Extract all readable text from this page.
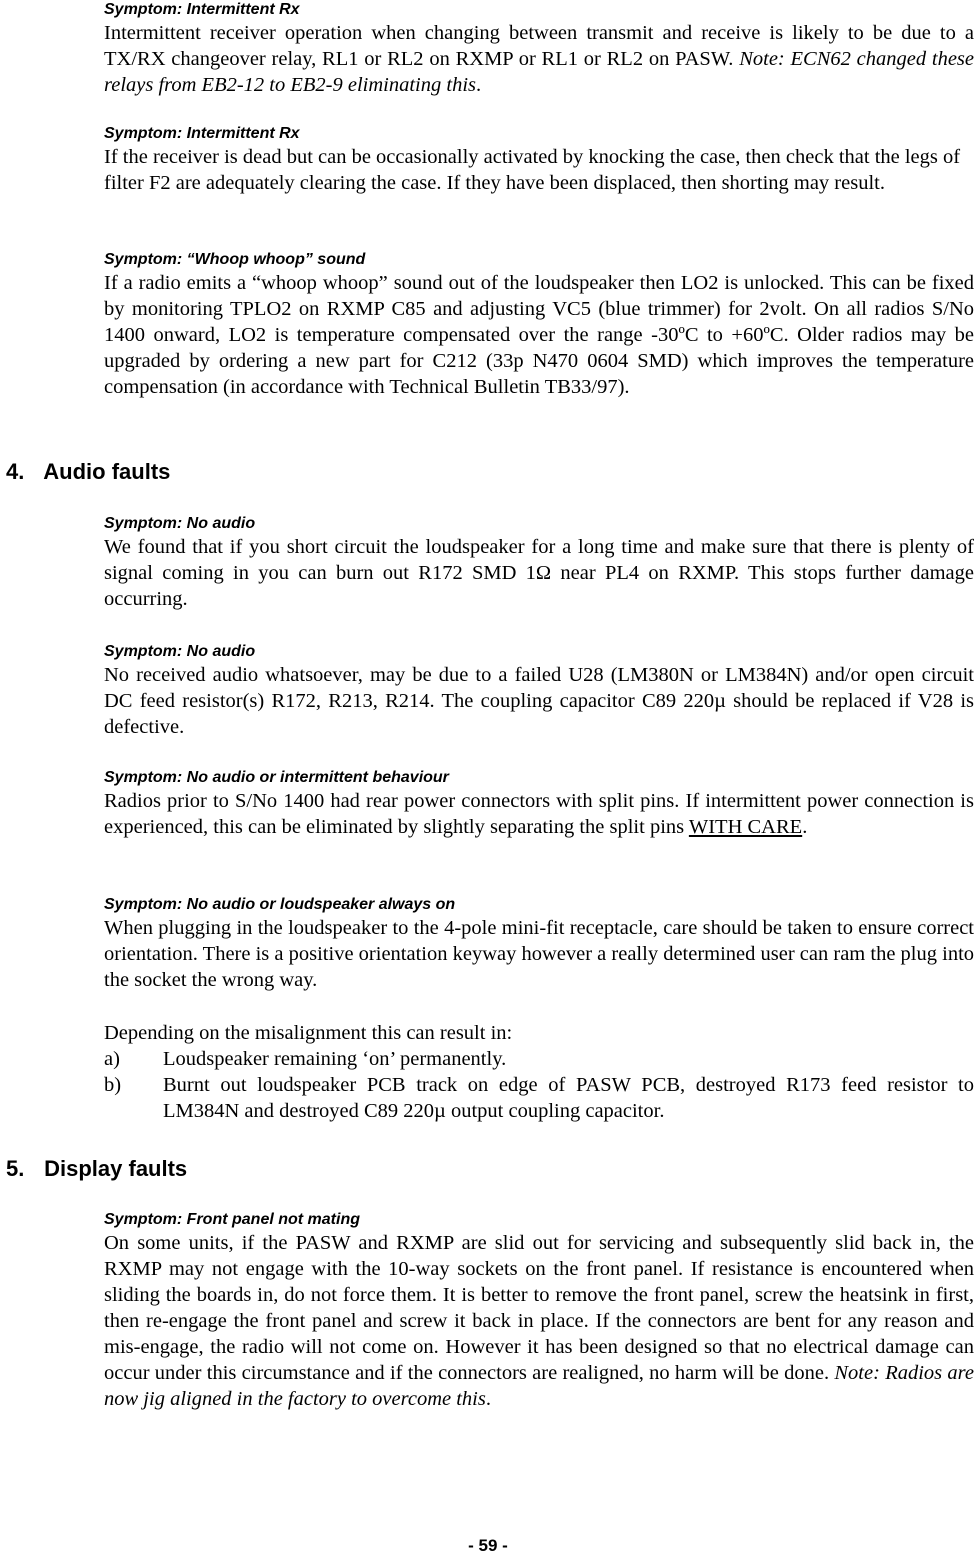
Symptom: Intermittent Rx

Intermittent receiver operation when changing between transmit and receive is likely to be due to a TX/RX changeover relay, RL1 or RL2 on RXMP or RL1 or RL2 on PASW. Note: ECN62 changed these relays from EB2-12 to EB2-9 eliminating this.

Symptom: Intermittent Rx

If the receiver is dead but can be occasionally activated by knocking the case, then check that the legs of filter F2 are adequately clearing the case. If they have been displaced, then shorting may result.

Symptom: “Whoop whoop” sound

If a radio emits a “whoop whoop” sound out of the loudspeaker then LO2 is unlocked. This can be fixed by monitoring TPLO2 on RXMP C85 and adjusting VC5 (blue trimmer) for 2volt. On all radios S/No 1400 onward, LO2 is temperature compensated over the range -30ºC to +60ºC. Older radios may be upgraded by ordering a new part for C212 (33p N470 0604 SMD) which improves the temperature compensation (in accordance with Technical Bulletin TB33/97).

4. Audio faults

Symptom: No audio

We found that if you short circuit the loudspeaker for a long time and make sure that there is plenty of signal coming in you can burn out R172 SMD 1Ω near PL4 on RXMP. This stops further damage occurring.

Symptom: No audio

No received audio whatsoever, may be due to a failed U28 (LM380N or LM384N) and/or open circuit DC feed resistor(s) R172, R213, R214. The coupling capacitor C89 220µ should be replaced if V28 is defective.

Symptom: No audio or intermittent behaviour

Radios prior to S/No 1400 had rear power connectors with split pins. If intermittent power connection is experienced, this can be eliminated by slightly separating the split pins WITH CARE.

Symptom: No audio or loudspeaker always on

When plugging in the loudspeaker to the 4-pole mini-fit receptacle, care should be taken to ensure correct orientation. There is a positive orientation keyway however a really determined user can ram the plug into the socket the wrong way.

Depending on the misalignment this can result in:

a) Loudspeaker remaining ‘on’ permanently.
b) Burnt out loudspeaker PCB track on edge of PASW PCB, destroyed R173 feed resistor to LM384N and destroyed C89 220µ output coupling capacitor.

5. Display faults

Symptom: Front panel not mating

On some units, if the PASW and RXMP are slid out for servicing and subsequently slid back in, the RXMP may not engage with the 10-way sockets on the front panel. If resistance is encountered when sliding the boards in, do not force them. It is better to remove the front panel, screw the heatsink in first, then re-engage the front panel and screw it back in place. If the connectors are bent for any reason and mis-engage, the radio will not come on. However it has been designed so that no electrical damage can occur under this circumstance and if the connectors are realigned, no harm will be done. Note: Radios are now jig aligned in the factory to overcome this.

- 59 -
